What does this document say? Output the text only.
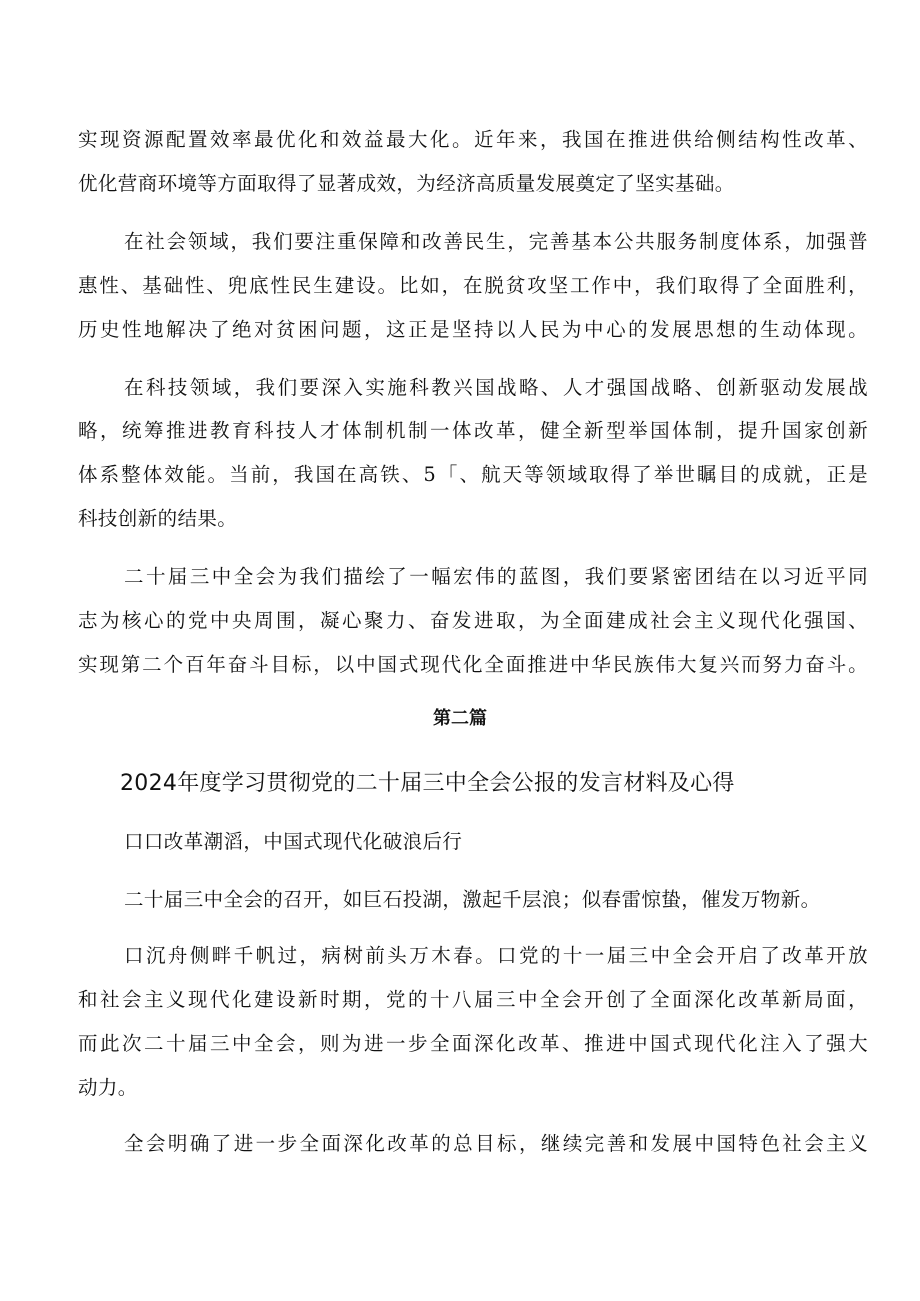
实现资源配置效率最优化和效益最大化。近年来，我国在推进供给侧结构性改革、
优化营商环境等方面取得了显著成效，为经济高质量发展奠定了坚实基础。
在社会领域，我们要注重保障和改善民生，完善基本公共服务制度体系，加强普
惠性、基础性、兜底性民生建设。比如，在脱贫攻坚工作中，我们取得了全面胜利，
历史性地解决了绝对贫困问题，这正是坚持以人民为中心的发展思想的生动体现。
在科技领域，我们要深入实施科教兴国战略、人才强国战略、创新驱动发展战
略，统筹推进教育科技人才体制机制一体改革，健全新型举国体制，提升国家创新
体系整体效能。当前，我国在高铁、5「、航天等领域取得了举世瞩目的成就，正是
科技创新的结果。
二十届三中全会为我们描绘了一幅宏伟的蓝图，我们要紧密团结在以习近平同
志为核心的党中央周围，凝心聚力、奋发进取，为全面建成社会主义现代化强国、
实现第二个百年奋斗目标，以中国式现代化全面推进中华民族伟大复兴而努力奋斗。
第二篇
2024年度学习贯彻党的二十届三中全会公报的发言材料及心得
口口改革潮滔，中国式现代化破浪后行
二十届三中全会的召开，如巨石投湖，激起千层浪；似春雷惊蛰，催发万物新。
口沉舟侧畔千帆过，病树前头万木春。口党的十一届三中全会开启了改革开放
和社会主义现代化建设新时期，党的十八届三中全会开创了全面深化改革新局面，
而此次二十届三中全会，则为进一步全面深化改革、推进中国式现代化注入了强大
动力。
全会明确了进一步全面深化改革的总目标，继续完善和发展中国特色社会主义
